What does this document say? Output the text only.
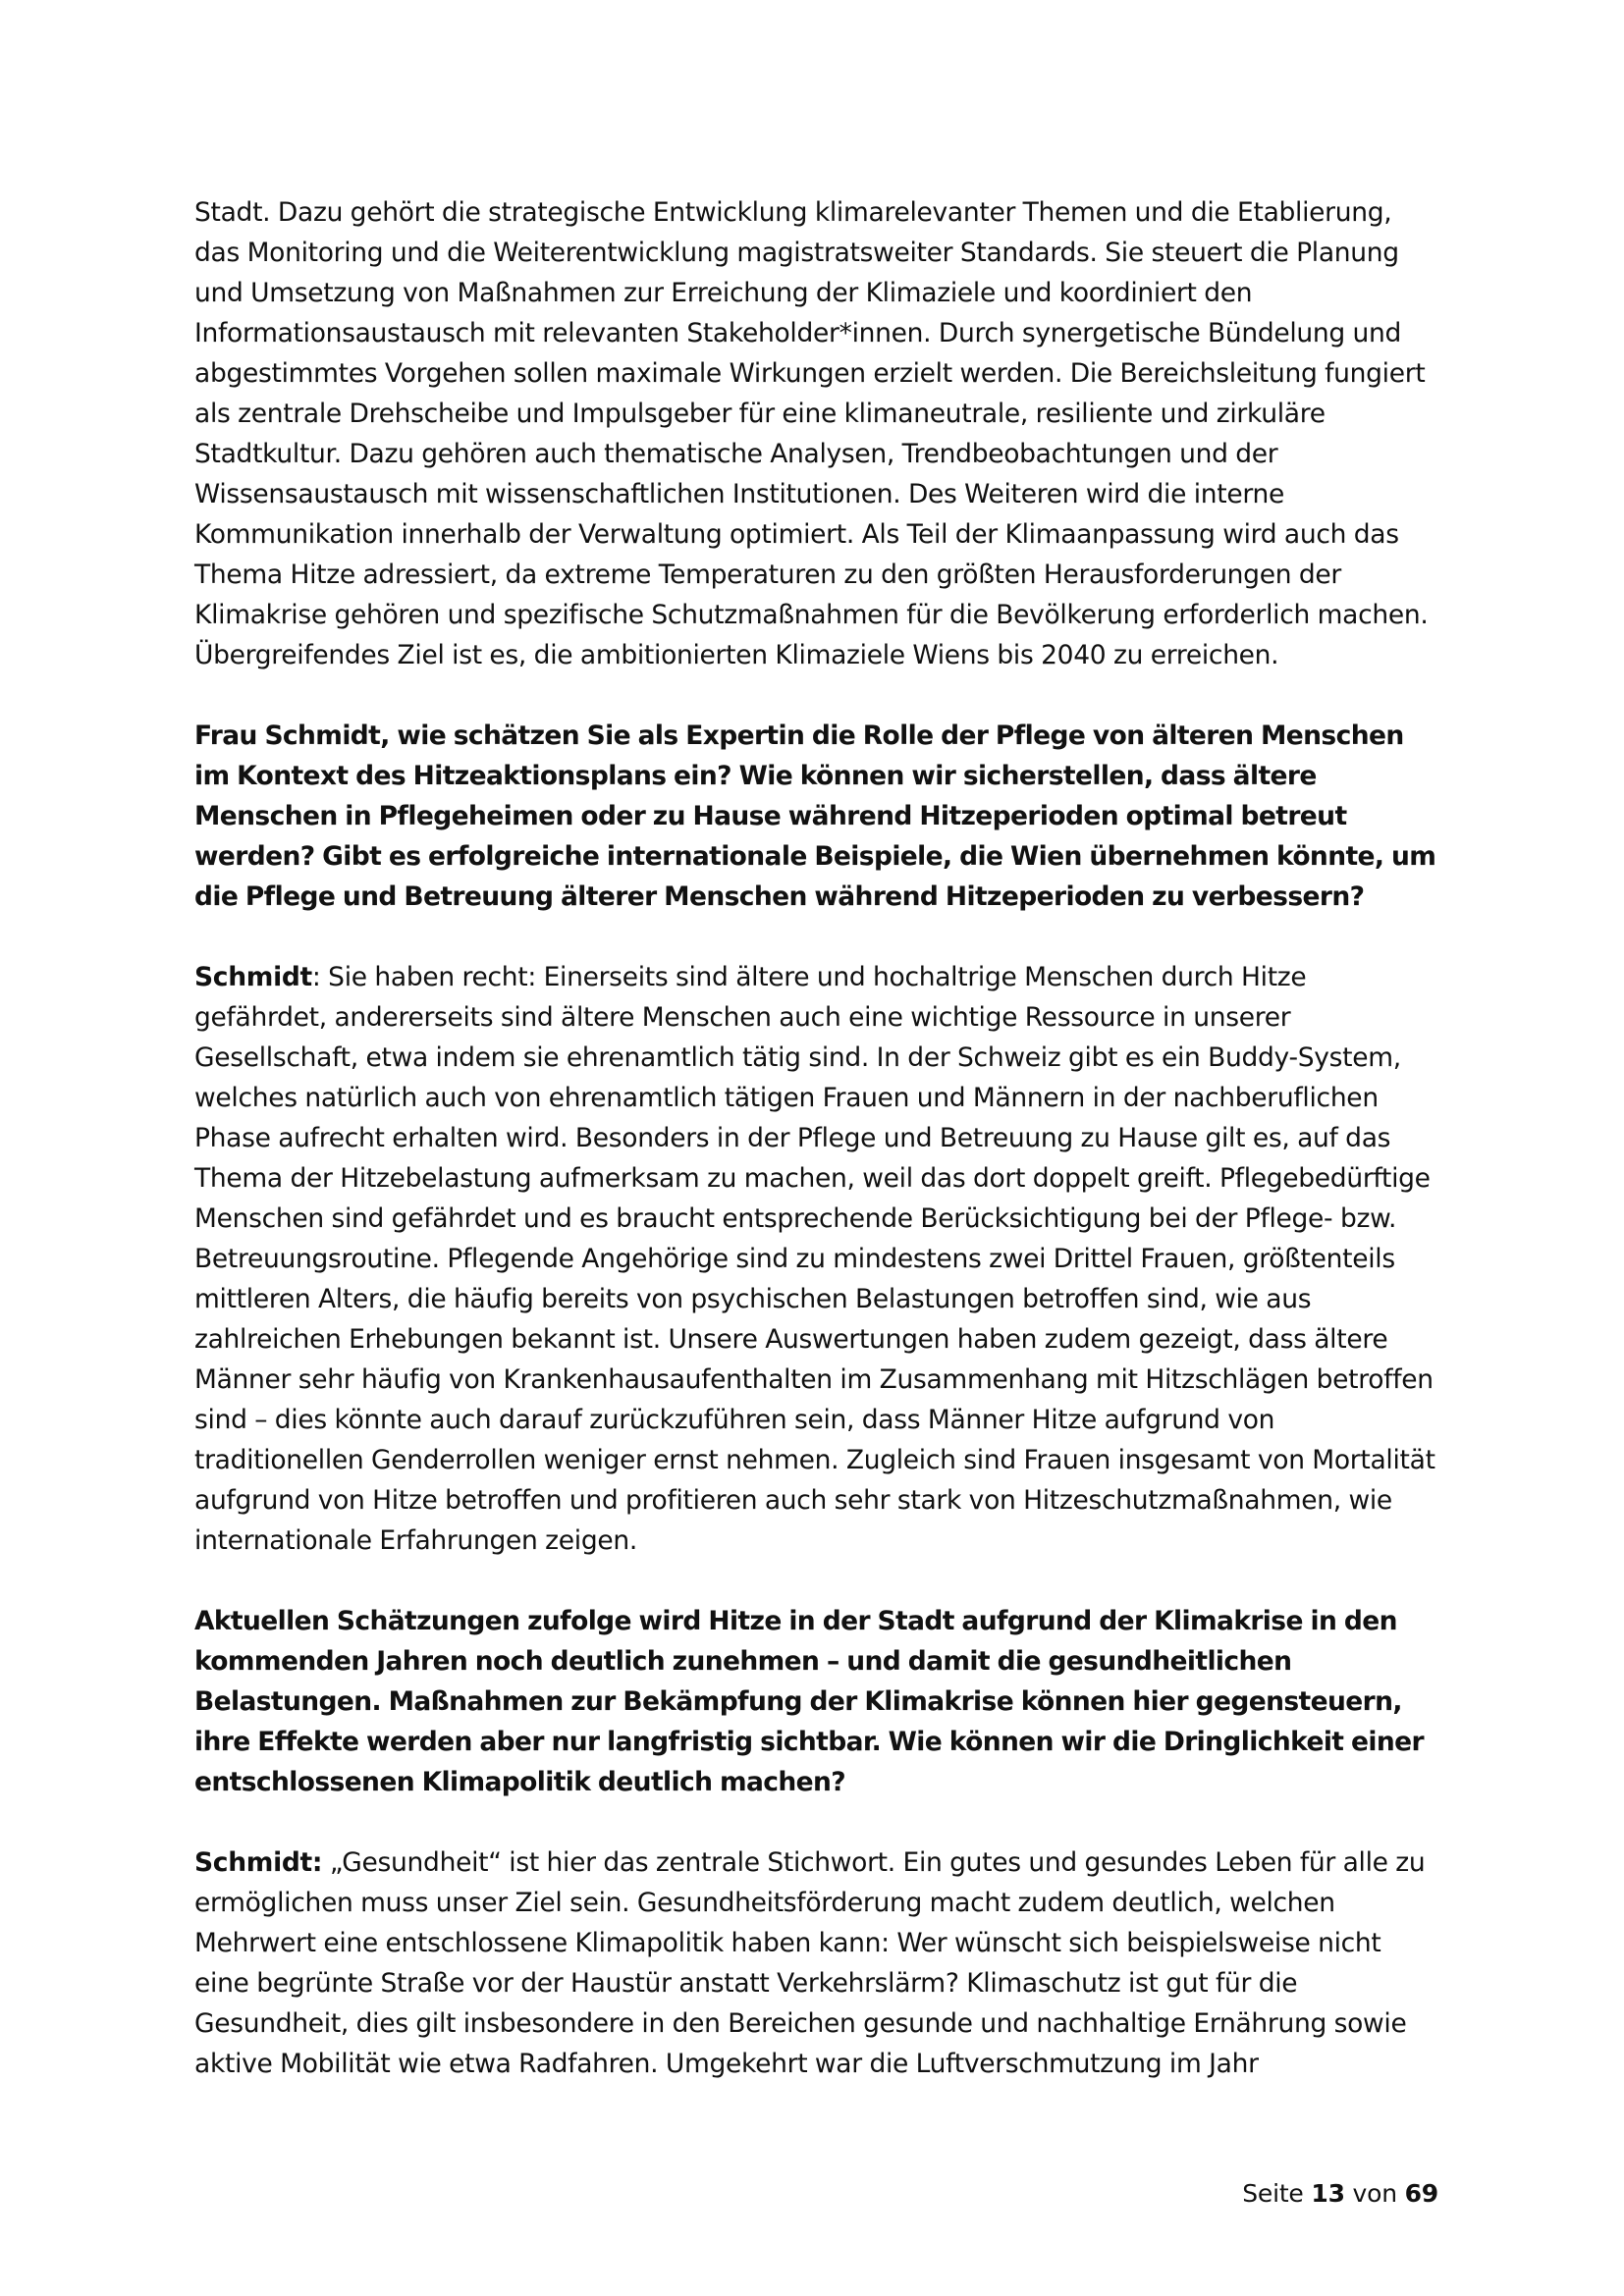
Stadt. Dazu gehört die strategische Entwicklung klimarelevanter Themen und die Etablierung, das Monitoring und die Weiterentwicklung magistratsweiter Standards. Sie steuert die Planung und Umsetzung von Maßnahmen zur Erreichung der Klimaziele und koordiniert den Informationsaustausch mit relevanten Stakeholder*innen. Durch synergetische Bündelung und abgestimmtes Vorgehen sollen maximale Wirkungen erzielt werden. Die Bereichsleitung fungiert als zentrale Drehscheibe und Impulsgeber für eine klimaneutrale, resiliente und zirkuläre Stadtkultur. Dazu gehören auch thematische Analysen, Trendbeobachtungen und der Wissensaustausch mit wissenschaftlichen Institutionen. Des Weiteren wird die interne Kommunikation innerhalb der Verwaltung optimiert. Als Teil der Klimaanpassung wird auch das Thema Hitze adressiert, da extreme Temperaturen zu den größten Herausforderungen der Klimakrise gehören und spezifische Schutzmaßnahmen für die Bevölkerung erforderlich machen. Übergreifendes Ziel ist es, die ambitionierten Klimaziele Wiens bis 2040 zu erreichen.

Frau Schmidt, wie schätzen Sie als Expertin die Rolle der Pflege von älteren Menschen im Kontext des Hitzeaktionsplans ein? Wie können wir sicherstellen, dass ältere Menschen in Pflegeheimen oder zu Hause während Hitzeperioden optimal betreut werden? Gibt es erfolgreiche internationale Beispiele, die Wien übernehmen könnte, um die Pflege und Betreuung älterer Menschen während Hitzeperioden zu verbessern?

Schmidt: Sie haben recht: Einerseits sind ältere und hochaltrige Menschen durch Hitze gefährdet, andererseits sind ältere Menschen auch eine wichtige Ressource in unserer Gesellschaft, etwa indem sie ehrenamtlich tätig sind. In der Schweiz gibt es ein Buddy-System, welches natürlich auch von ehrenamtlich tätigen Frauen und Männern in der nachberuflichen Phase aufrecht erhalten wird. Besonders in der Pflege und Betreuung zu Hause gilt es, auf das Thema der Hitzebelastung aufmerksam zu machen, weil das dort doppelt greift. Pflegebedürftige Menschen sind gefährdet und es braucht entsprechende Berücksichtigung bei der Pflege- bzw. Betreuungsroutine. Pflegende Angehörige sind zu mindestens zwei Drittel Frauen, größtenteils mittleren Alters, die häufig bereits von psychischen Belastungen betroffen sind, wie aus zahlreichen Erhebungen bekannt ist. Unsere Auswertungen haben zudem gezeigt, dass ältere Männer sehr häufig von Krankenhausaufenthalten im Zusammenhang mit Hitzschlägen betroffen sind – dies könnte auch darauf zurückzuführen sein, dass Männer Hitze aufgrund von traditionellen Genderrollen weniger ernst nehmen. Zugleich sind Frauen insgesamt von Mortalität aufgrund von Hitze betroffen und profitieren auch sehr stark von Hitzeschutzmaßnahmen, wie internationale Erfahrungen zeigen.

Aktuellen Schätzungen zufolge wird Hitze in der Stadt aufgrund der Klimakrise in den kommenden Jahren noch deutlich zunehmen – und damit die gesundheitlichen Belastungen. Maßnahmen zur Bekämpfung der Klimakrise können hier gegensteuern, ihre Effekte werden aber nur langfristig sichtbar. Wie können wir die Dringlichkeit einer entschlossenen Klimapolitik deutlich machen?

Schmidt: „Gesundheit“ ist hier das zentrale Stichwort. Ein gutes und gesundes Leben für alle zu ermöglichen muss unser Ziel sein. Gesundheitsförderung macht zudem deutlich, welchen Mehrwert eine entschlossene Klimapolitik haben kann: Wer wünscht sich beispielsweise nicht eine begrünte Straße vor der Haustür anstatt Verkehrslärm? Klimaschutz ist gut für die Gesundheit, dies gilt insbesondere in den Bereichen gesunde und nachhaltige Ernährung sowie aktive Mobilität wie etwa Radfahren. Umgekehrt war die Luftverschmutzung im Jahr

Seite 13 von 69
